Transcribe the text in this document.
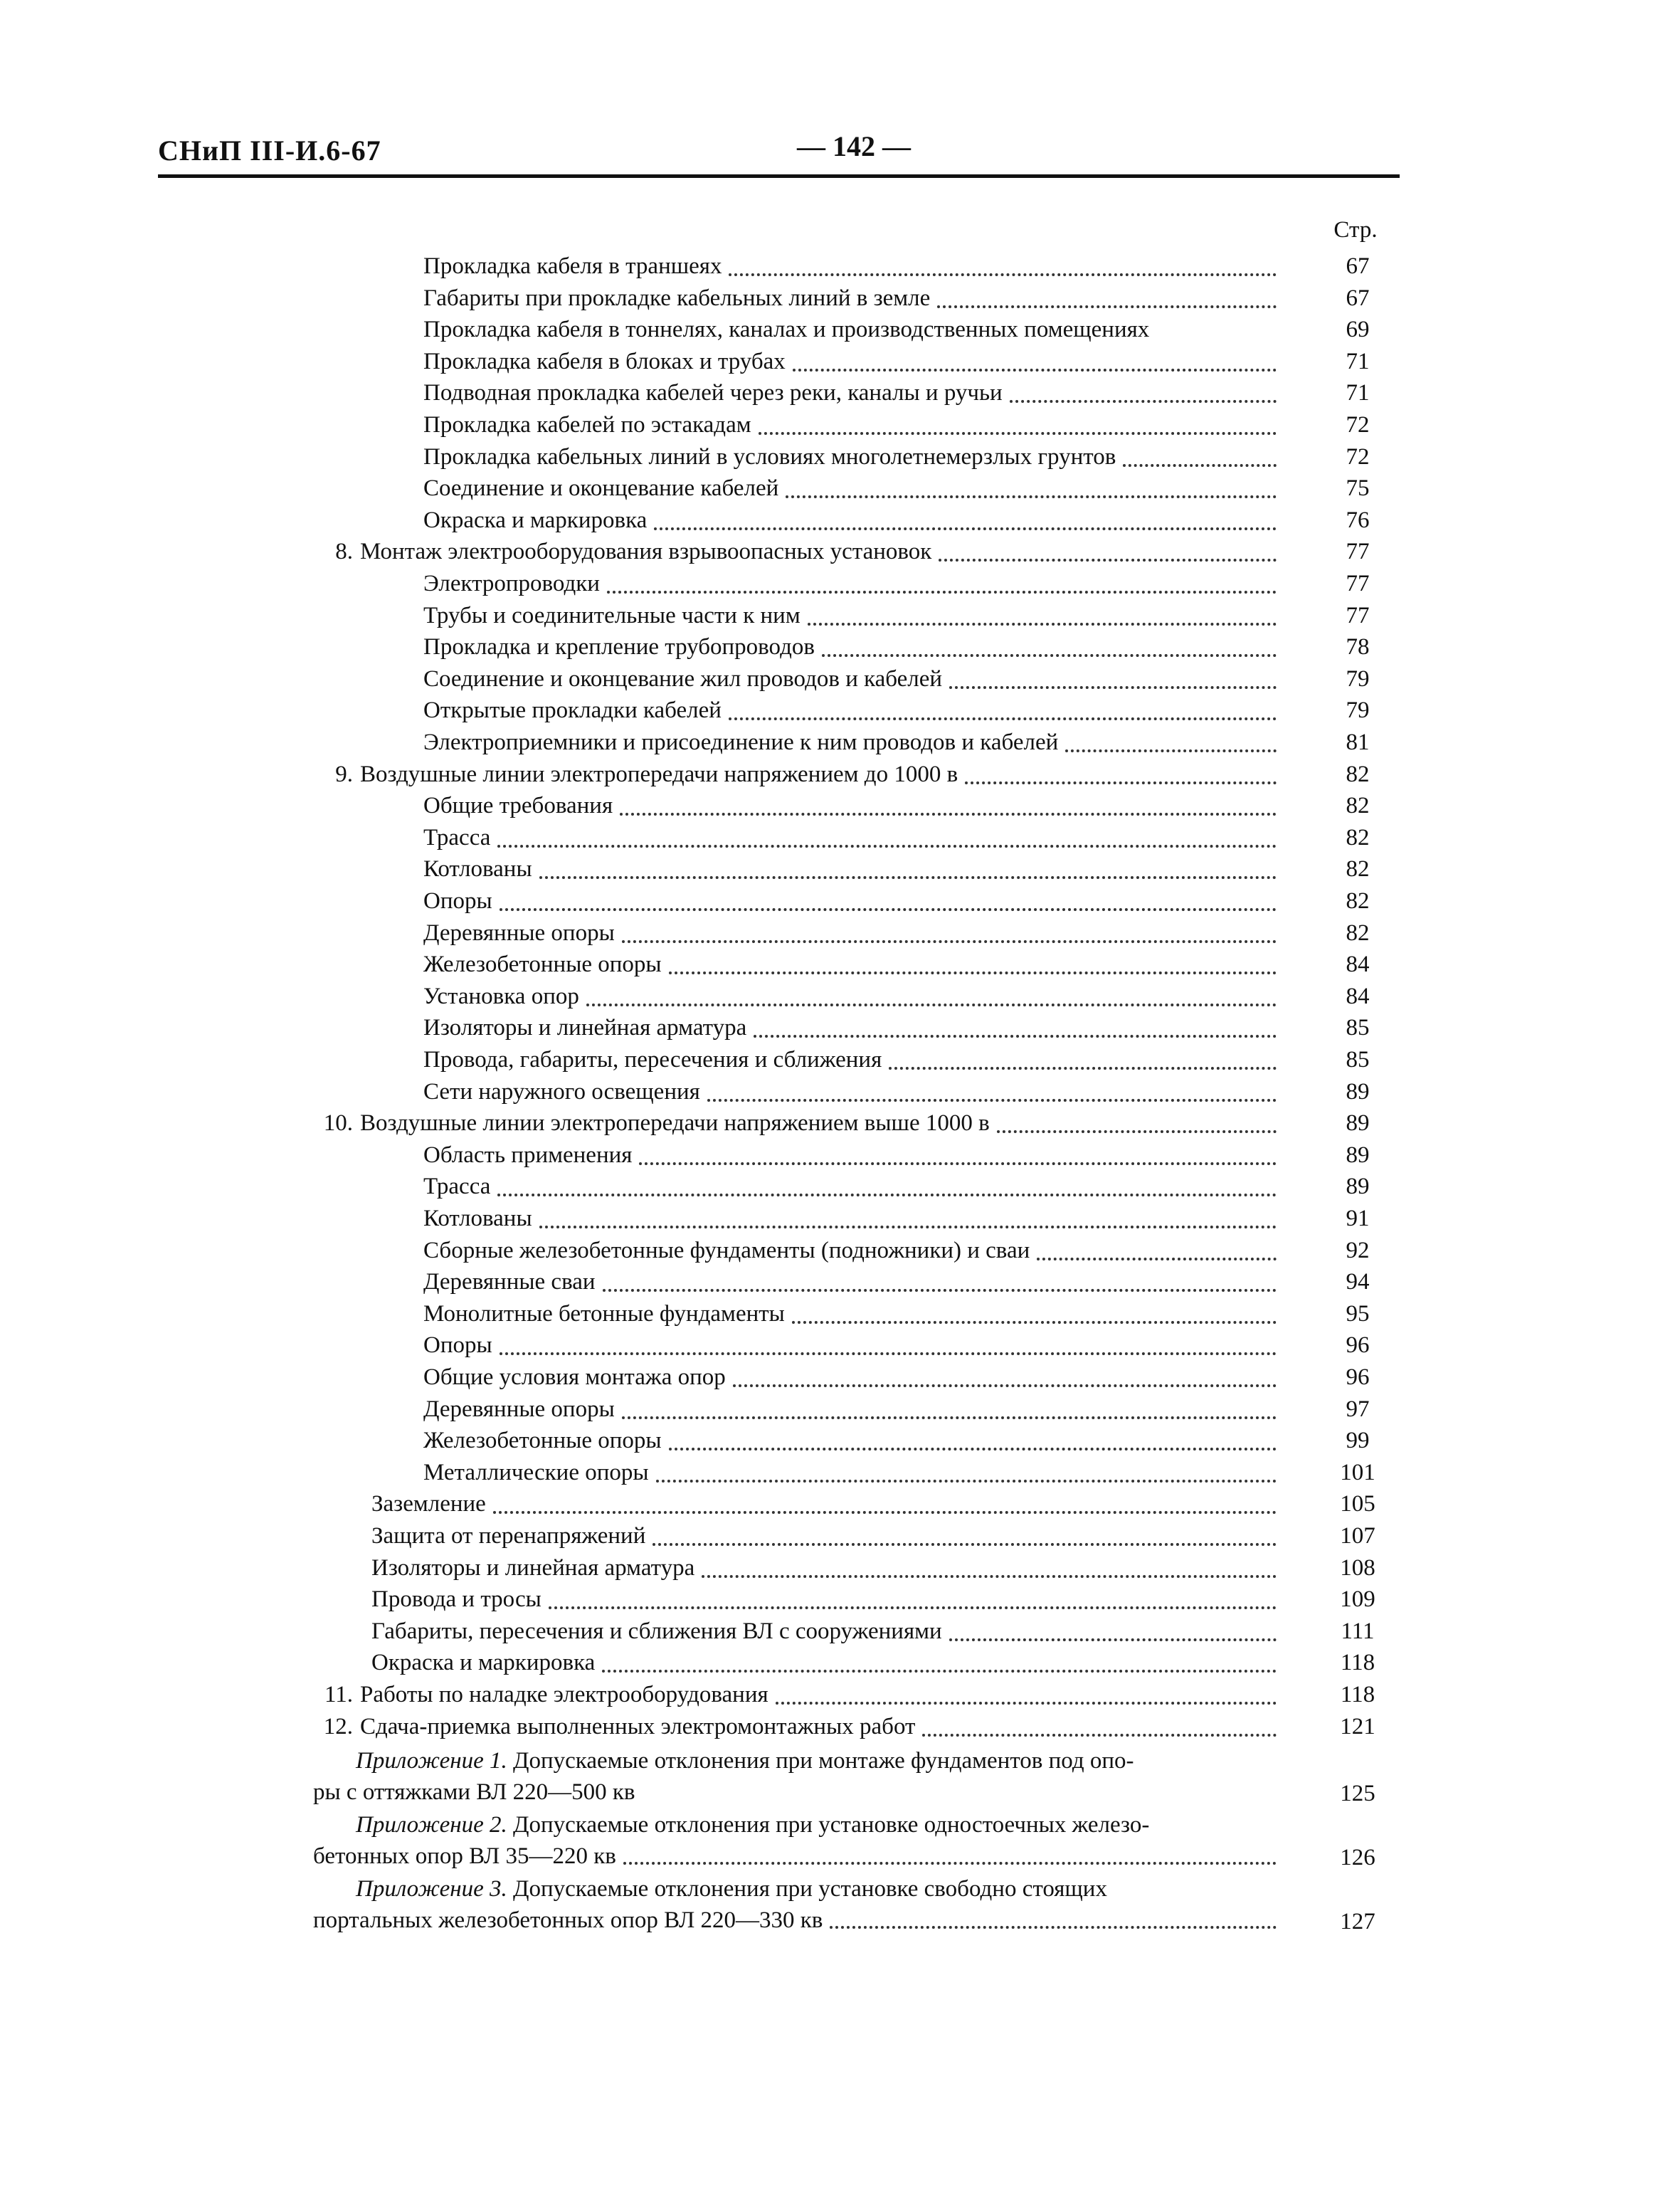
СНиП III-И.6-67	— 142 —
Стр.
Прокладка кабеля в траншеях	67
Габариты при прокладке кабельных линий в земле	67
Прокладка кабеля в тоннелях, каналах и производственных помещениях	69
Прокладка кабеля в блоках и трубах	71
Подводная прокладка кабелей через реки, каналы и ручьи	71
Прокладка кабелей по эстакадам	72
Прокладка кабельных линий в условиях многолетнемерзлых грунтов	72
Соединение и оконцевание кабелей	75
Окраска и маркировка	76
8. Монтаж электрооборудования взрывоопасных установок	77
Электропроводки	77
Трубы и соединительные части к ним	77
Прокладка и крепление трубопроводов	78
Соединение и оконцевание жил проводов и кабелей	79
Открытые прокладки кабелей	79
Электроприемники и присоединение к ним проводов и кабелей	81
9. Воздушные линии электропередачи напряжением до 1000 в	82
Общие требования	82
Трасса	82
Котлованы	82
Опоры	82
Деревянные опоры	82
Железобетонные опоры	84
Установка опор	84
Изоляторы и линейная арматура	85
Провода, габариты, пересечения и сближения	85
Сети наружного освещения	89
10. Воздушные линии электропередачи напряжением выше 1000 в	89
Область применения	89
Трасса	89
Котлованы	91
Сборные железобетонные фундаменты (подножники) и сваи	92
Деревянные сваи	94
Монолитные бетонные фундаменты	95
Опоры	96
Общие условия монтажа опор	96
Деревянные опоры	97
Железобетонные опоры	99
Металлические опоры	101
Заземление	105
Защита от перенапряжений	107
Изоляторы и линейная арматура	108
Провода и тросы	109
Габариты, пересечения и сближения ВЛ с сооружениями	111
Окраска и маркировка	118
11. Работы по наладке электрооборудования	118
12. Сдача-приемка выполненных электромонтажных работ	121
Приложение 1. Допускаемые отклонения при монтаже фундаментов под опо-
ры с оттяжками ВЛ 220—500 кв	125
Приложение 2. Допускаемые отклонения при установке одностоечных железо-
бетонных опор ВЛ 35—220 кв	126
Приложение 3. Допускаемые отклонения при установке свободно стоящих
портальных железобетонных опор ВЛ 220—330 кв	127
